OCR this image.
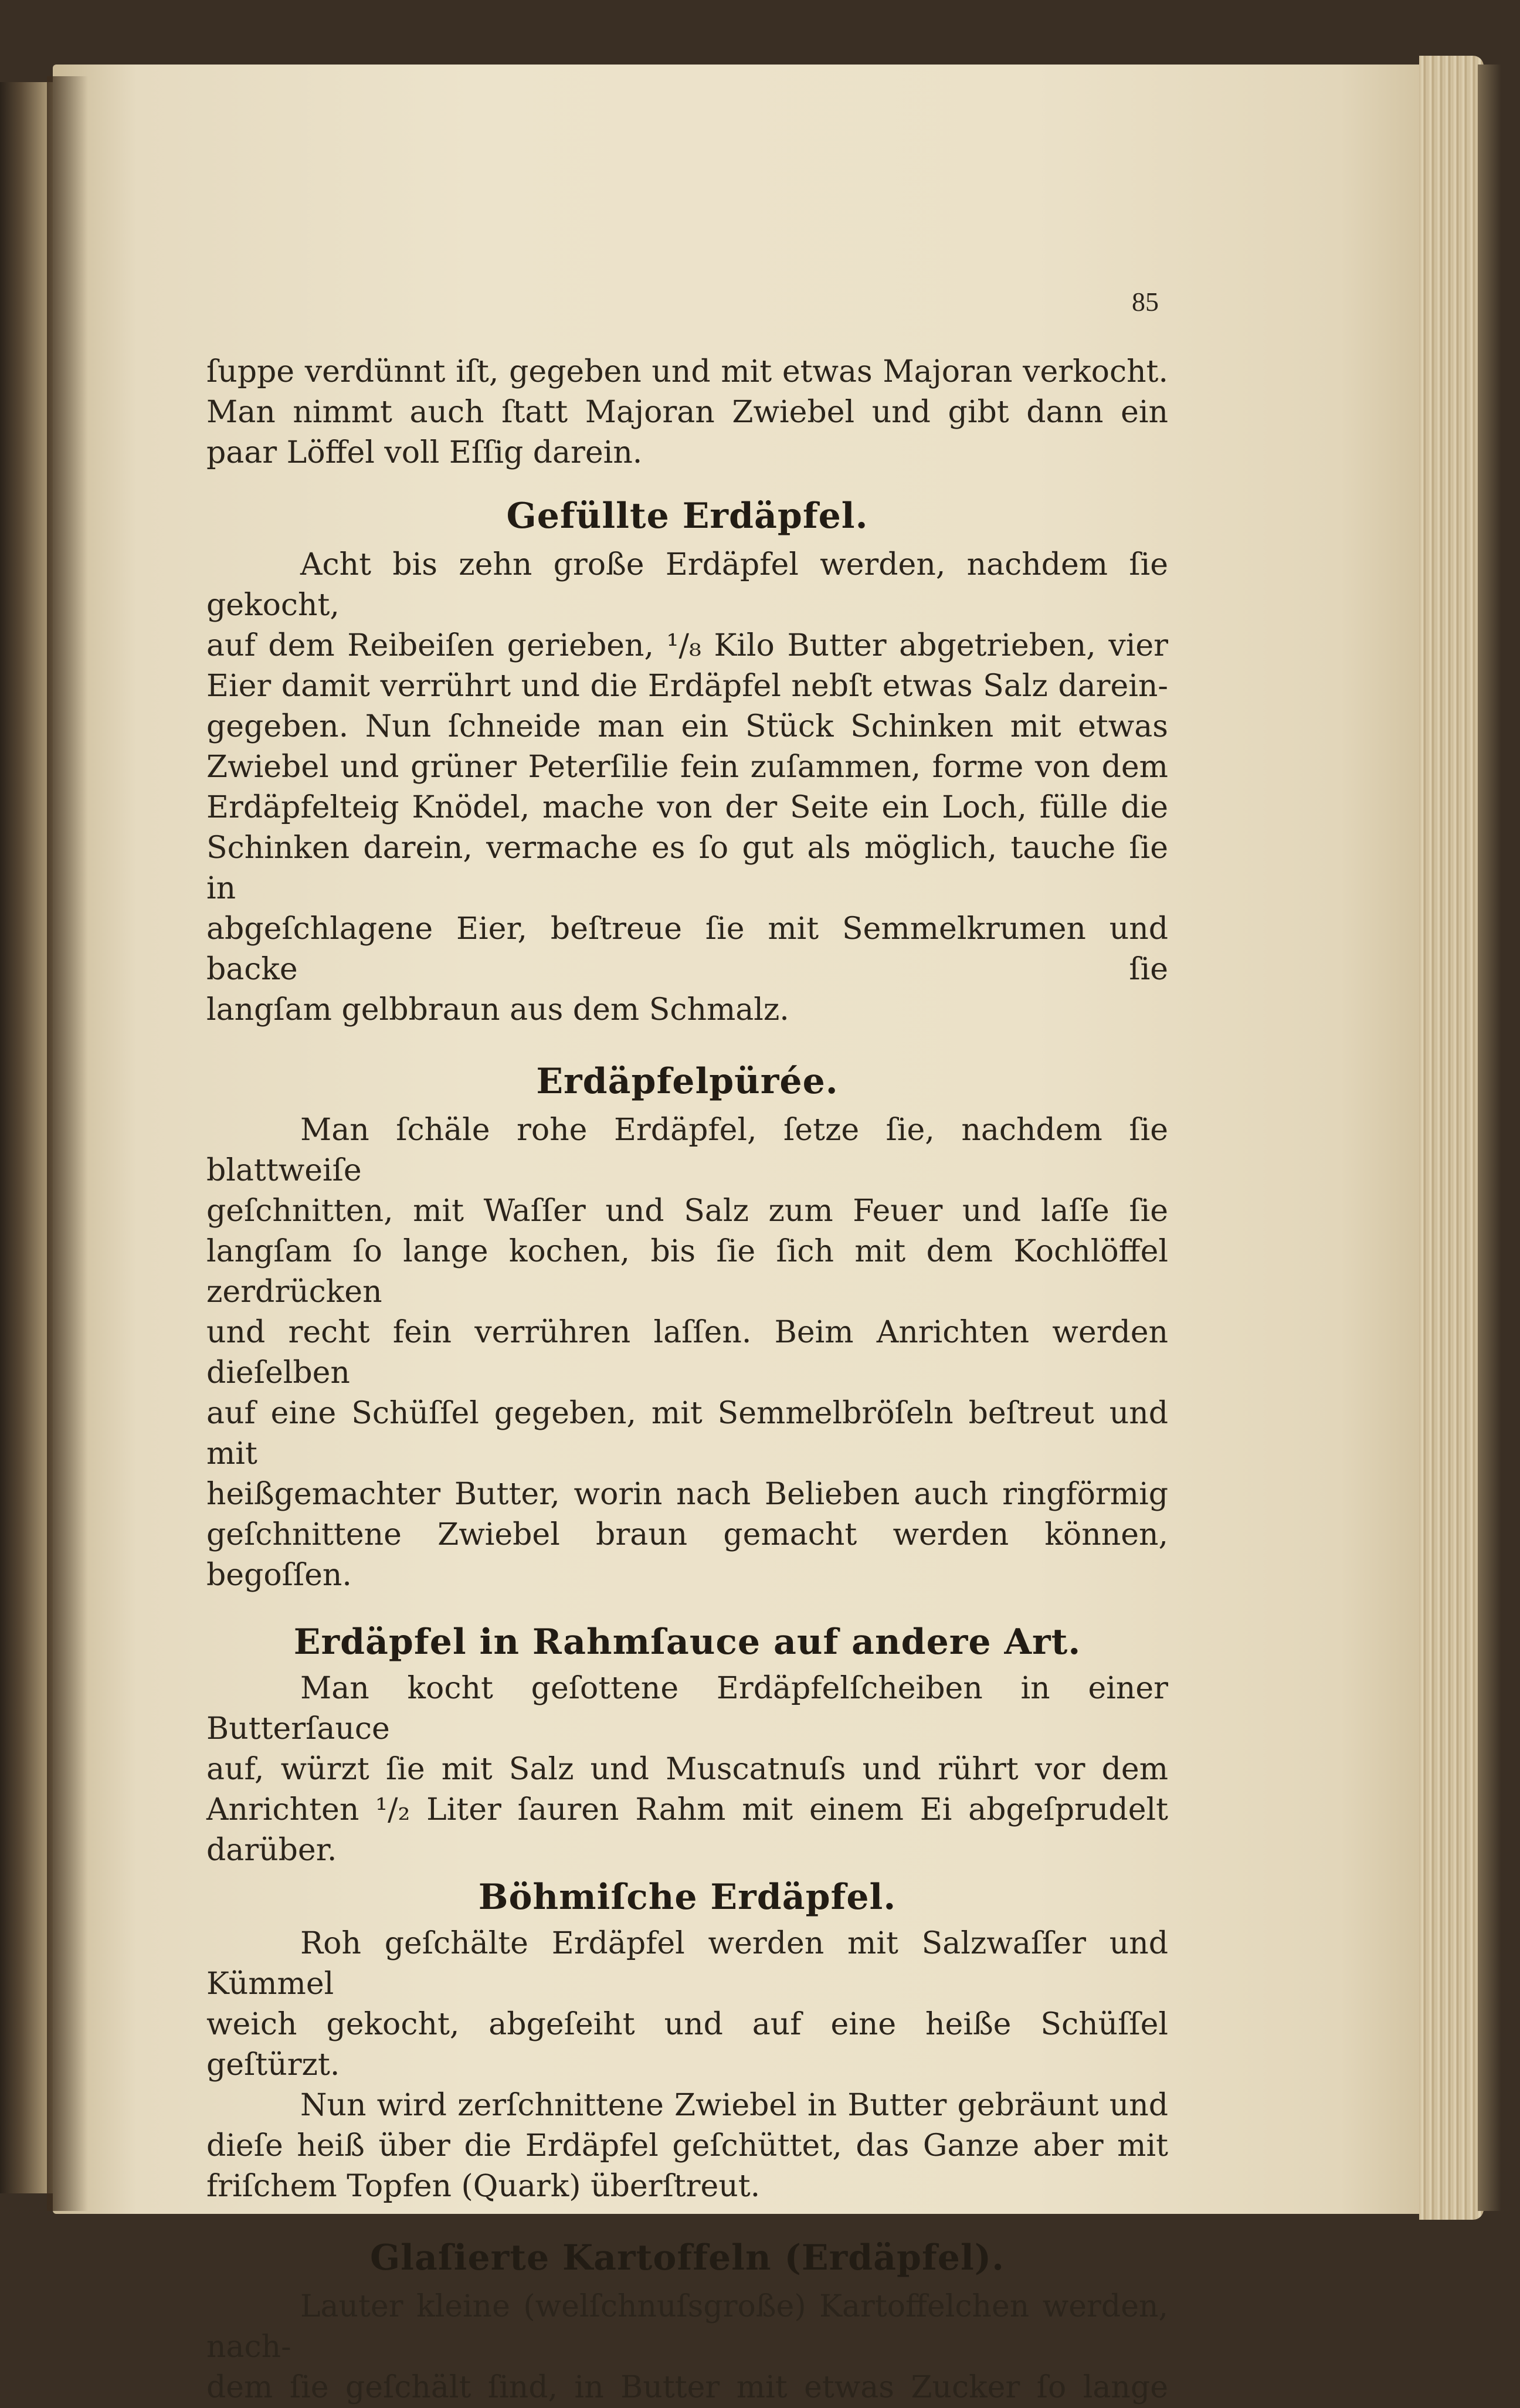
85

ſuppe verdünnt iſt, gegeben und mit etwas Majoran verkocht.
Man nimmt auch ſtatt Majoran Zwiebel und gibt dann ein
paar Löffel voll Eſſig darein.

Gefüllte Erdäpfel.

Acht bis zehn große Erdäpfel werden, nachdem ſie gekocht,
auf dem Reibeiſen gerieben, ¹/₈ Kilo Butter abgetrieben, vier
Eier damit verrührt und die Erdäpfel nebſt etwas Salz darein-
gegeben. Nun ſchneide man ein Stück Schinken mit etwas
Zwiebel und grüner Peterſilie fein zuſammen, forme von dem
Erdäpfelteig Knödel, mache von der Seite ein Loch, fülle die
Schinken darein, vermache es ſo gut als möglich, tauche ſie in
abgeſchlagene Eier, beſtreue ſie mit Semmelkrumen und backe ſie
langſam gelbbraun aus dem Schmalz.

Erdäpfelpürée.

Man ſchäle rohe Erdäpfel, ſetze ſie, nachdem ſie blattweiſe
geſchnitten, mit Waſſer und Salz zum Feuer und laſſe ſie
langſam ſo lange kochen, bis ſie ſich mit dem Kochlöffel zerdrücken
und recht fein verrühren laſſen. Beim Anrichten werden dieſelben
auf eine Schüſſel gegeben, mit Semmelbröſeln beſtreut und mit
heißgemachter Butter, worin nach Belieben auch ringförmig
geſchnittene Zwiebel braun gemacht werden können, begoſſen.

Erdäpfel in Rahmſauce auf andere Art.

Man kocht geſottene Erdäpfelſcheiben in einer Butterſauce
auf, würzt ſie mit Salz und Muscatnuſs und rührt vor dem
Anrichten ¹/₂ Liter ſauren Rahm mit einem Ei abgeſprudelt
darüber.

Böhmiſche Erdäpfel.

Roh geſchälte Erdäpfel werden mit Salzwaſſer und Kümmel
weich gekocht, abgeſeiht und auf eine heiße Schüſſel geſtürzt.

Nun wird zerſchnittene Zwiebel in Butter gebräunt und
dieſe heiß über die Erdäpfel geſchüttet, das Ganze aber mit
friſchem Topfen (Quark) überſtreut.

Glaſierte Kartoffeln (Erdäpfel).

Lauter kleine (welſchnuſsgroße) Kartoffelchen werden, nach-
dem ſie geſchält ſind, in Butter mit etwas Zucker ſo lange
